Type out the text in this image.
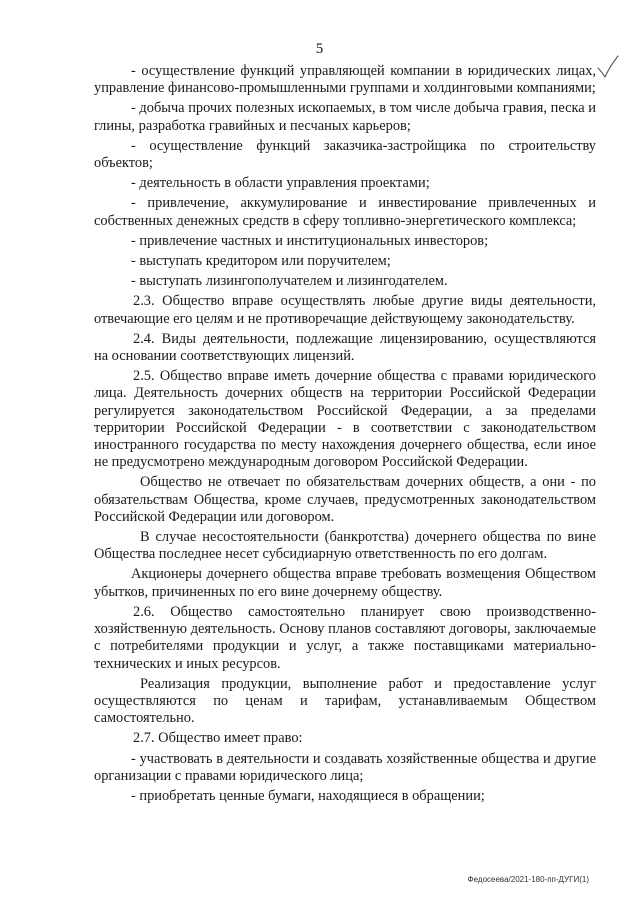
5

- осуществление функций управляющей компании в юридических лицах, управление финансово-промышленными группами и холдинговыми компаниями;

- добыча прочих полезных ископаемых, в том числе добыча гравия, песка и глины, разработка гравийных и песчаных карьеров;

- осуществление функций заказчика-застройщика по строительству объектов;

- деятельность в области управления проектами;

- привлечение, аккумулирование и инвестирование привлеченных и собственных денежных средств в сферу топливно-энергетического комплекса;

- привлечение частных и институциональных инвесторов;

- выступать кредитором или поручителем;

- выступать лизингополучателем и лизингодателем.

2.3. Общество вправе осуществлять любые другие виды деятельности, отвечающие его целям и не противоречащие действующему законодательству.

2.4. Виды деятельности, подлежащие лицензированию, осуществляются на основании соответствующих лицензий.

2.5. Общество вправе иметь дочерние общества с правами юридического лица. Деятельность дочерних обществ на территории Российской Федерации регулируется законодательством Российской Федерации, а за пределами территории Российской Федерации - в соответствии с законодательством иностранного государства по месту нахождения дочернего общества, если иное не предусмотрено международным договором Российской Федерации.

Общество не отвечает по обязательствам дочерних обществ, а они - по обязательствам Общества, кроме случаев, предусмотренных законодательством Российской Федерации или договором.

В случае несостоятельности (банкротства) дочернего общества по вине Общества последнее несет субсидиарную ответственность по его долгам.

Акционеры дочернего общества вправе требовать возмещения Обществом убытков, причиненных по его вине дочернему обществу.

2.6. Общество самостоятельно планирует свою производственно-хозяйственную деятельность. Основу планов составляют договоры, заключаемые с потребителями продукции и услуг, а также поставщиками материально-технических и иных ресурсов.

Реализация продукции, выполнение работ и предоставление услуг осуществляются по ценам и тарифам, устанавливаемым Обществом самостоятельно.

2.7. Общество имеет право:

- участвовать в деятельности и создавать хозяйственные общества и другие организации с правами юридического лица;

- приобретать ценные бумаги, находящиеся в обращении;

Федосеева/2021-180-пп-ДУГИ(1)
